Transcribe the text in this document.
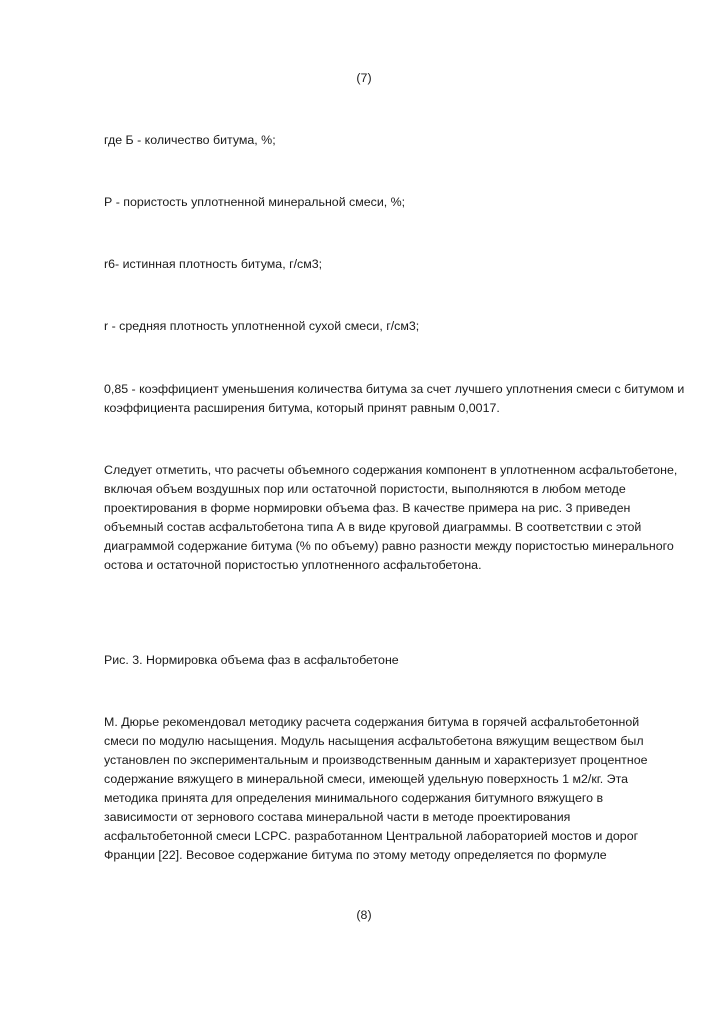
(7)

где Б - количество битума, %;

Р - пористость уплотненной минеральной смеси, %;

r6- истинная плотность битума, г/см3;

r - средняя плотность уплотненной сухой смеси, г/см3;

0,85 - коэффициент уменьшения количества битума за счет лучшего уплотнения смеси с битумом и
коэффициента расширения битума, который принят равным 0,0017.

Следует отметить, что расчеты объемного содержания компонент в уплотненном асфальтобетоне,
включая объем воздушных пор или остаточной пористости, выполняются в любом методе
проектирования в форме нормировки объема фаз. В качестве примера на рис. 3 приведен
объемный состав асфальтобетона типа А в виде круговой диаграммы. В соответствии с этой
диаграммой содержание битума (% по объему) равно разности между пористостью минерального
остова и остаточной пористостью уплотненного асфальтобетона.

Рис. 3. Нормировка объема фаз в асфальтобетоне

М. Дюрье рекомендовал методику расчета содержания битума в горячей асфальтобетонной
смеси по модулю насыщения. Модуль насыщения асфальтобетона вяжущим веществом был
установлен по экспериментальным и производственным данным и характеризует процентное
содержание вяжущего в минеральной смеси, имеющей удельную поверхность 1 м2/кг. Эта
методика принята для определения минимального содержания битумного вяжущего в
зависимости от зернового состава минеральной части в методе проектирования
асфальтобетонной смеси LCPC. разработанном Центральной лабораторией мостов и дорог
Франции [22]. Весовое содержание битума по этому методу определяется по формуле

(8)
